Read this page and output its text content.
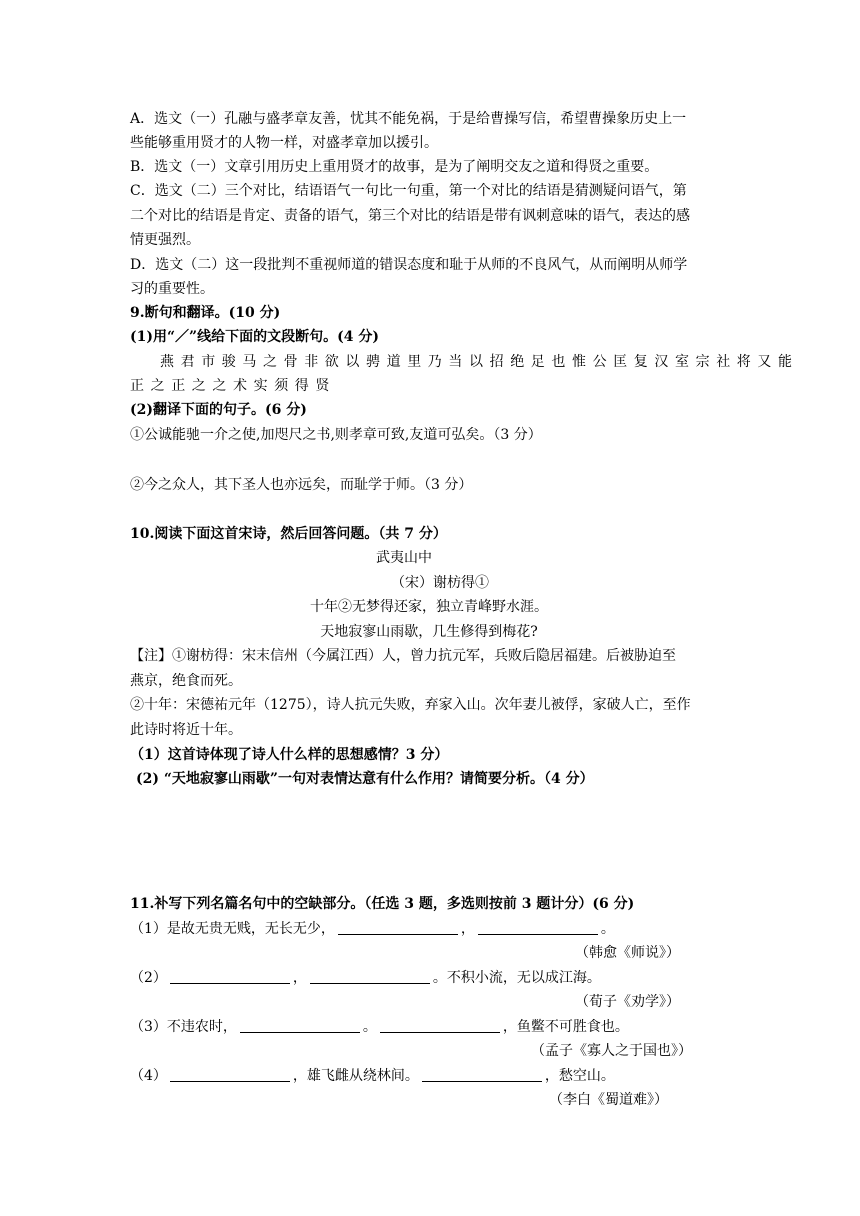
A．选文（一）孔融与盛孝章友善，忧其不能免祸，于是给曹操写信，希望曹操象历史上一
些能够重用贤才的人物一样，对盛孝章加以援引。
B．选文（一）文章引用历史上重用贤才的故事，是为了阐明交友之道和得贤之重要。
C．选文（二）三个对比，结语语气一句比一句重，第一个对比的结语是猜测疑问语气，第
二个对比的结语是肯定、责备的语气，第三个对比的结语是带有讽刺意味的语气，表达的感
情更强烈。
D．选文（二）这一段批判不重视师道的错误态度和耻于从师的不良风气，从而阐明从师学
习的重要性。
9.断句和翻译。(10 分)
(1)用“／”线给下面的文段断句。(4 分)
燕君市骏马之骨非欲以骋道里乃当以招绝足也惟公匡复汉室宗社将又能
正之正之之术实须得贤
(2)翻译下面的句子。(6 分)
①公诚能驰一介之使,加咫尺之书,则孝章可致,友道可弘矣。（3 分）
②今之众人，其下圣人也亦远矣，而耻学于师。（3 分）
10.阅读下面这首宋诗，然后回答问题。（共 7 分）
武夷山中
（宋）谢枋得①
十年②无梦得还家，独立青峰野水涯。
天地寂寥山雨歇，几生修得到梅花?
【注】①谢枋得：宋末信州（今属江西）人，曾力抗元军，兵败后隐居福建。后被胁迫至
燕京，绝食而死。
②十年：宋德祐元年（1275），诗人抗元失败，弃家入山。次年妻儿被俘，家破人亡，至作
此诗时将近十年。
（1）这首诗体现了诗人什么样的思想感情？3 分）
(2) “天地寂寥山雨歇”一句对表情达意有什么作用？请简要分析。（4 分）
11.补写下列名篇名句中的空缺部分。（任选 3 题，多选则按前 3 题计分）(6 分)
（1）是故无贵无贱，无长无少，	，	。
（韩愈《师说》）
（2）	，	。不积小流，无以成江海。
（荀子《劝学》）
（3）不违农时，	。	，鱼鳖不可胜食也。
（孟子《寡人之于国也》）
（4）	，雄飞雌从绕林间。	，愁空山。
（李白《蜀道难》）
